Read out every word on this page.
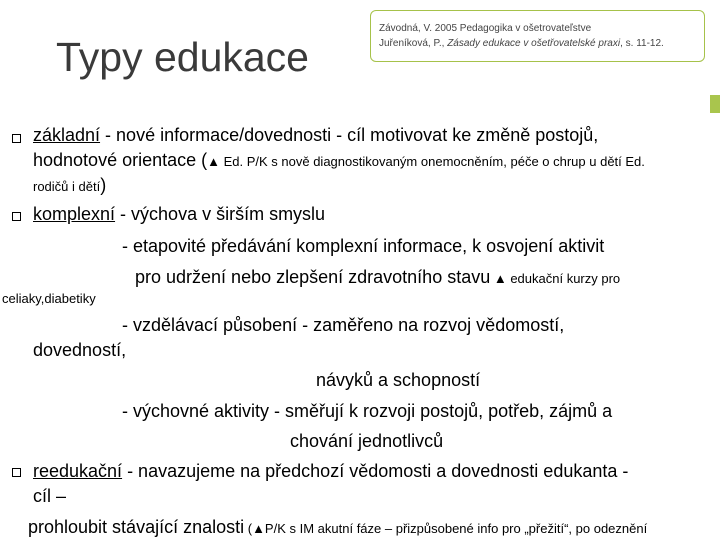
Typy edukace
Závodná, V. 2005 Pedagogika v ošetrovateľstve
Juřeníková, P., Zásady edukace v ošetřovatelské praxi, s. 11-12.
základní - nové informace/dovednosti - cíl motivovat ke změně postojů,
hodnotové orientace (▲ Ed. P/K s nově diagnostikovaným onemocněním, péče o chrup u dětí Ed.
rodičů i dětí)
komplexní - výchova v širším smyslu
- etapovité předávání komplexní informace, k osvojení aktivit
pro udržení nebo zlepšení zdravotního stavu ▲ edukační kurzy pro
celiaky,diabetiky
- vzdělávací působení - zaměřeno na rozvoj vědomostí,
dovedností,
návyků a schopností
- výchovné aktivity - směřují k rozvoji postojů, potřeb, zájmů a
chování jednotlivců
reedukační - navazujeme na předchozí vědomosti a dovednosti edukanta -
cíl –
prohloubit stávající znalosti (▲P/K s IM akutní fáze – přizpůsobené info pro „přežití“, po odeznění
